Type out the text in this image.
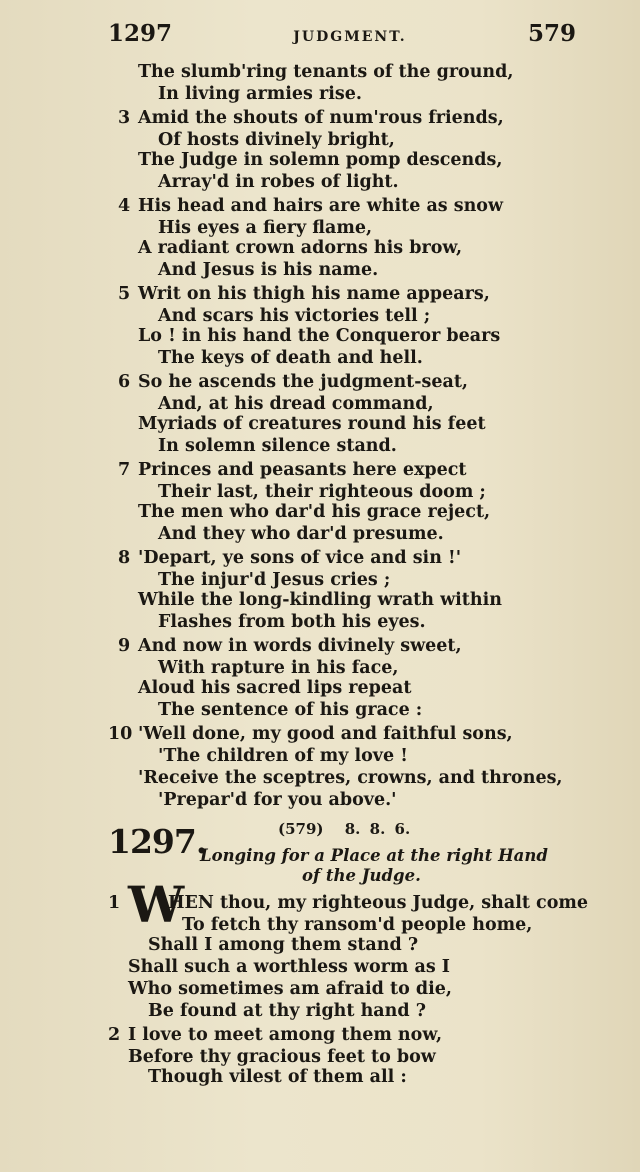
1297	JUDGMENT.	579
The slumb'ring tenants of the ground,
In living armies rise.
3 Amid the shouts of num'rous friends,
Of hosts divinely bright,
The Judge in solemn pomp descends,
Array'd in robes of light.
4 His head and hairs are white as snow
His eyes a fiery flame,
A radiant crown adorns his brow,
And Jesus is his name.
5 Writ on his thigh his name appears,
And scars his victories tell ;
Lo ! in his hand the Conqueror bears
The keys of death and hell.
6 So he ascends the judgment-seat,
And, at his dread command,
Myriads of creatures round his feet
In solemn silence stand.
7 Princes and peasants here expect
Their last, their righteous doom ;
The men who dar'd his grace reject,
And they who dar'd presume.
8 'Depart, ye sons of vice and sin !'
The injur'd Jesus cries ;
While the long-kindling wrath within
Flashes from both his eyes.
9 And now in words divinely sweet,
With rapture in his face,
Aloud his sacred lips repeat
The sentence of his grace :
10 'Well done, my good and faithful sons,
'The children of my love !
'Receive the sceptres, crowns, and thrones,
'Prepar'd for you above.'
1297.	(579) 8. 8. 6.
Longing for a Place at the right Hand
of the Judge.
1 W
HEN thou, my righteous Judge, shalt come
To fetch thy ransom'd people home,
Shall I among them stand ?
Shall such a worthless worm as I
Who sometimes am afraid to die,
Be found at thy right hand ?
2 I love to meet among them now,
Before thy gracious feet to bow
Though vilest of them all :
